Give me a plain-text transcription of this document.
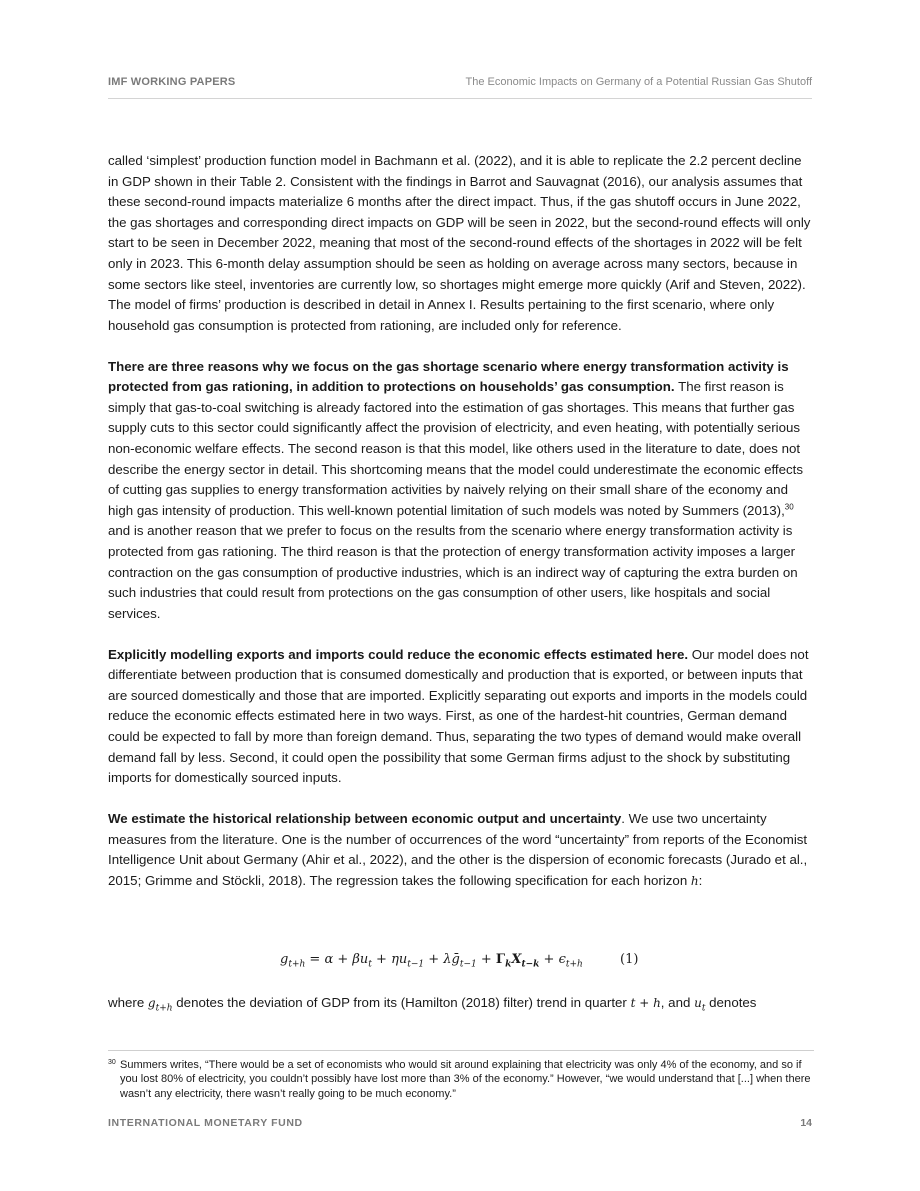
IMF WORKING PAPERS	The Economic Impacts on Germany of a Potential Russian Gas Shutoff

called ‘simplest’ production function model in Bachmann et al. (2022), and it is able to replicate the 2.2 percent decline in GDP shown in their Table 2. Consistent with the findings in Barrot and Sauvagnat (2016), our analysis assumes that these second-round impacts materialize 6 months after the direct impact. Thus, if the gas shutoff occurs in June 2022, the gas shortages and corresponding direct impacts on GDP will be seen in 2022, but the second-round effects will only start to be seen in December 2022, meaning that most of the second-round effects of the shortages in 2022 will be felt only in 2023. This 6-month delay assumption should be seen as holding on average across many sectors, because in some sectors like steel, inventories are currently low, so shortages might emerge more quickly (Arif and Steven, 2022). The model of firms’ production is described in detail in Annex I. Results pertaining to the first scenario, where only household gas consumption is protected from rationing, are included only for reference.

There are three reasons why we focus on the gas shortage scenario where energy transformation activity is protected from gas rationing, in addition to protections on households’ gas consumption. The first reason is simply that gas-to-coal switching is already factored into the estimation of gas shortages. This means that further gas supply cuts to this sector could significantly affect the provision of electricity, and even heating, with potentially serious non-economic welfare effects. The second reason is that this model, like others used in the literature to date, does not describe the energy sector in detail. This shortcoming means that the model could underestimate the economic effects of cutting gas supplies to energy transformation activities by naively relying on their small share of the economy and high gas intensity of production. This well-known potential limitation of such models was noted by Summers (2013),$^{30}$ and is another reason that we prefer to focus on the results from the scenario where energy transformation activity is protected from gas rationing. The third reason is that the protection of energy transformation activity imposes a larger contraction on the gas consumption of productive industries, which is an indirect way of capturing the extra burden on such industries that could result from protections on the gas consumption of other users, like hospitals and social services.

Explicitly modelling exports and imports could reduce the economic effects estimated here. Our model does not differentiate between production that is consumed domestically and production that is exported, or between inputs that are sourced domestically and those that are imported. Explicitly separating out exports and imports in the models could reduce the economic effects estimated here in two ways. First, as one of the hardest-hit countries, German demand could be expected to fall by more than foreign demand. Thus, separating the two types of demand would make overall demand fall by less. Second, it could open the possibility that some German firms adjust to the shock by substituting imports for domestically sourced inputs.

We estimate the historical relationship between economic output and uncertainty. We use two uncertainty measures from the literature. One is the number of occurrences of the word “uncertainty” from reports of the Economist Intelligence Unit about Germany (Ahir et al., 2022), and the other is the dispersion of economic forecasts (Jurado et al., 2015; Grimme and Stöckli, 2018). The regression takes the following specification for each horizon h:

$g_{t+h} = \alpha + \beta u_t + \eta u_{t-1}$ + λḡ$_{t-1}$ + $\Gamma_kX_{t-k} + \epsilon_{t+h}$	(1)
where $g_{t+h}$ denotes the deviation of GDP from its (Hamilton (2018) filter) trend in quarter t + h, and $u_t$ denotes
30 Summers writes, “There would be a set of economists who would sit around explaining that electricity was only 4% of the economy, and so if you lost 80% of electricity, you couldn’t possibly have lost more than 3% of the economy.” However, “we would understand that [...] when there wasn’t any electricity, there wasn’t really going to be much economy.”
INTERNATIONAL MONETARY FUND	14
